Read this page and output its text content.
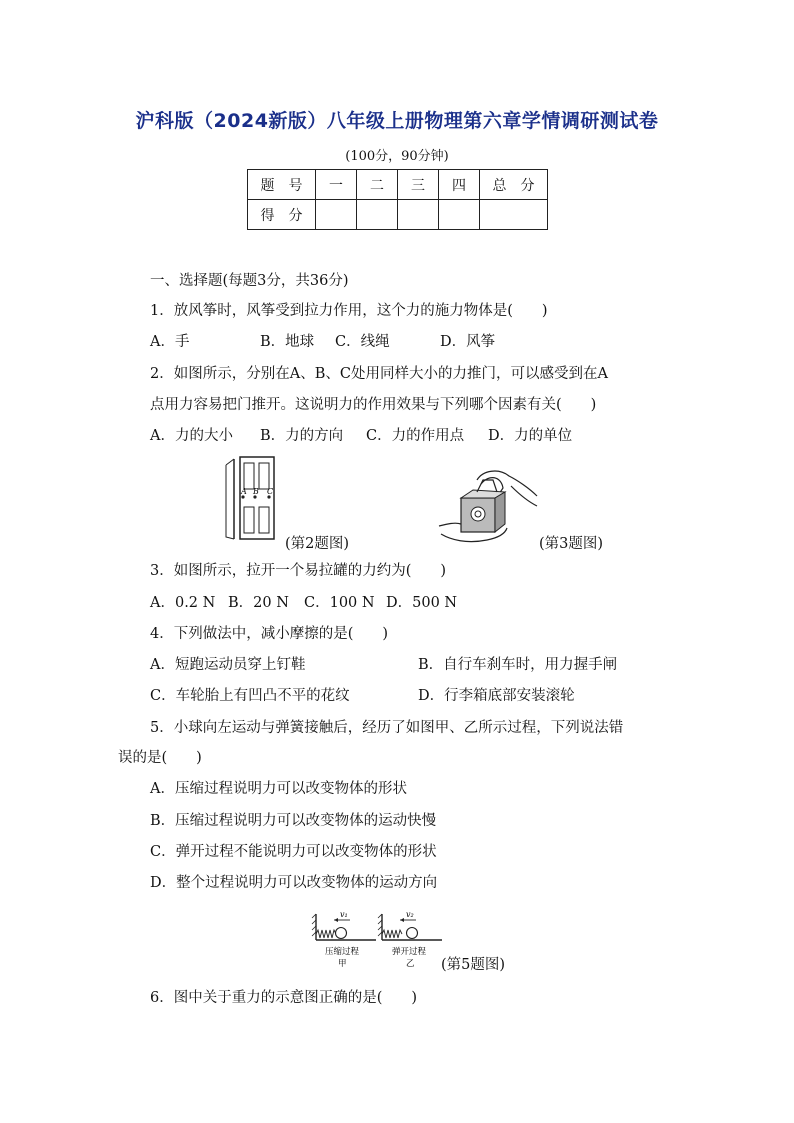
沪科版（2024新版）八年级上册物理第六章学情调研测试卷
(100分，90分钟)
题　号	一	二	三	四	总　分
得　分					
一、选择题(每题3分，共36分)
1．放风筝时，风筝受到拉力作用，这个力的施力物体是(　　)
A．手	B．地球 C．线绳	D．风筝
2．如图所示，分别在A、B、C处用同样大小的力推门，可以感受到在A
点用力容易把门推开。这说明力的作用效果与下列哪个因素有关(　　)
A．力的大小 B．力的方向 C．力的作用点 D．力的单位
A B C
(第2题图)	(第3题图)
3．如图所示，拉开一个易拉罐的力约为(　　)
A．0.2 N B．20 N C．100 N D．500 N
4．下列做法中，减小摩擦的是(　　)
A．短跑运动员穿上钉鞋	B．自行车刹车时，用力握手闸
C．车轮胎上有凹凸不平的花纹	D．行李箱底部安装滚轮
5．小球向左运动与弹簧接触后，经历了如图甲、乙所示过程，下列说法错
误的是(　　)
A．压缩过程说明力可以改变物体的形状
B．压缩过程说明力可以改变物体的运动快慢
C．弹开过程不能说明力可以改变物体的形状
D．整个过程说明力可以改变物体的运动方向
v₁
压缩过程
甲
v₂
弹开过程
乙 (第5题图)
6．图中关于重力的示意图正确的是(　　)
